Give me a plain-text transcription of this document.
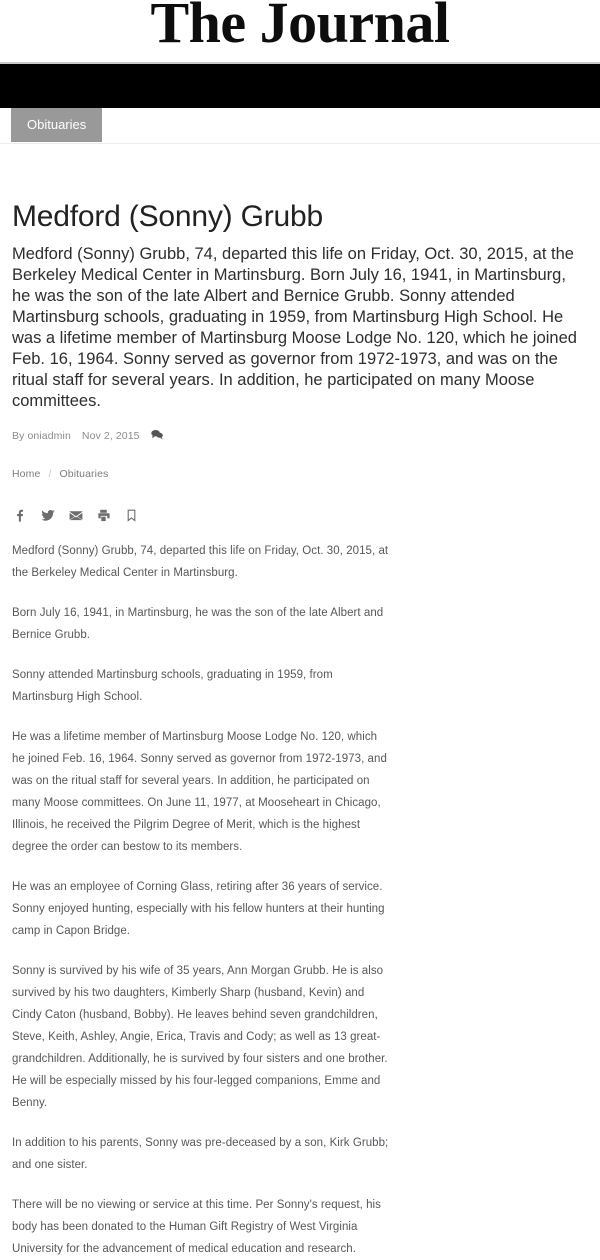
The Journal
Obituaries
Medford (Sonny) Grubb

Medford (Sonny) Grubb, 74, departed this life on Friday, Oct. 30, 2015, at the Berkeley Medical Center in Martinsburg. Born July 16, 1941, in Martinsburg, he was the son of the late Albert and Bernice Grubb. Sonny attended Martinsburg schools, graduating in 1959, from Martinsburg High School. He was a lifetime member of Martinsburg Moose Lodge No. 120, which he joined Feb. 16, 1964. Sonny served as governor from 1972-1973, and was on the ritual staff for several years. In addition, he participated on many Moose committees.

By oniadmin Nov 2, 2015
Home / Obituaries

Medford (Sonny) Grubb, 74, departed this life on Friday, Oct. 30, 2015, at the Berkeley Medical Center in Martinsburg.

Born July 16, 1941, in Martinsburg, he was the son of the late Albert and Bernice Grubb.

Sonny attended Martinsburg schools, graduating in 1959, from Martinsburg High School.

He was a lifetime member of Martinsburg Moose Lodge No. 120, which he joined Feb. 16, 1964. Sonny served as governor from 1972-1973, and was on the ritual staff for several years. In addition, he participated on many Moose committees. On June 11, 1977, at Mooseheart in Chicago, Illinois, he received the Pilgrim Degree of Merit, which is the highest degree the order can bestow to its members.

He was an employee of Corning Glass, retiring after 36 years of service. Sonny enjoyed hunting, especially with his fellow hunters at their hunting camp in Capon Bridge.

Sonny is survived by his wife of 35 years, Ann Morgan Grubb. He is also survived by his two daughters, Kimberly Sharp (husband, Kevin) and Cindy Caton (husband, Bobby). He leaves behind seven grandchildren, Steve, Keith, Ashley, Angie, Erica, Travis and Cody; as well as 13 great-grandchildren. Additionally, he is survived by four sisters and one brother. He will be especially missed by his four-legged companions, Emme and Benny.

In addition to his parents, Sonny was pre-deceased by a son, Kirk Grubb; and one sister.

There will be no viewing or service at this time. Per Sonny's request, his body has been donated to the Human Gift Registry of West Virginia University for the advancement of medical education and research.
